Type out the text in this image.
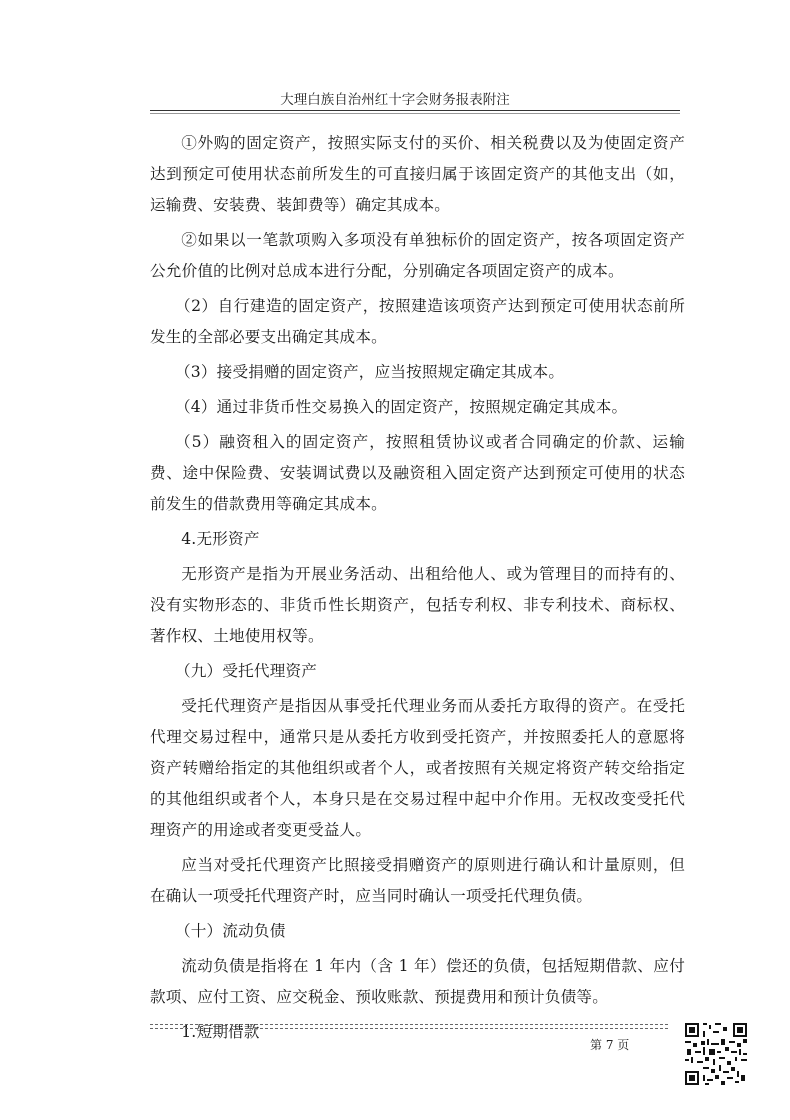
大理白族自治州红十字会财务报表附注

①外购的固定资产，按照实际支付的买价、相关税费以及为使固定资产达到预定可使用状态前所发生的可直接归属于该固定资产的其他支出（如，运输费、安装费、装卸费等）确定其成本。

②如果以一笔款项购入多项没有单独标价的固定资产，按各项固定资产公允价值的比例对总成本进行分配，分别确定各项固定资产的成本。

（2）自行建造的固定资产，按照建造该项资产达到预定可使用状态前所发生的全部必要支出确定其成本。

（3）接受捐赠的固定资产，应当按照规定确定其成本。

（4）通过非货币性交易换入的固定资产，按照规定确定其成本。

（5）融资租入的固定资产，按照租赁协议或者合同确定的价款、运输费、途中保险费、安装调试费以及融资租入固定资产达到预定可使用的状态前发生的借款费用等确定其成本。

4.无形资产

无形资产是指为开展业务活动、出租给他人、或为管理目的而持有的、没有实物形态的、非货币性长期资产，包括专利权、非专利技术、商标权、著作权、土地使用权等。

（九）受托代理资产

受托代理资产是指因从事受托代理业务而从委托方取得的资产。在受托代理交易过程中，通常只是从委托方收到受托资产，并按照委托人的意愿将资产转赠给指定的其他组织或者个人，或者按照有关规定将资产转交给指定的其他组织或者个人，本身只是在交易过程中起中介作用。无权改变受托代理资产的用途或者变更受益人。

应当对受托代理资产比照接受捐赠资产的原则进行确认和计量原则，但在确认一项受托代理资产时，应当同时确认一项受托代理负债。

（十）流动负债

流动负债是指将在 1 年内（含 1 年）偿还的负债，包括短期借款、应付款项、应付工资、应交税金、预收账款、预提费用和预计负债等。

1.短期借款

第 7 页
